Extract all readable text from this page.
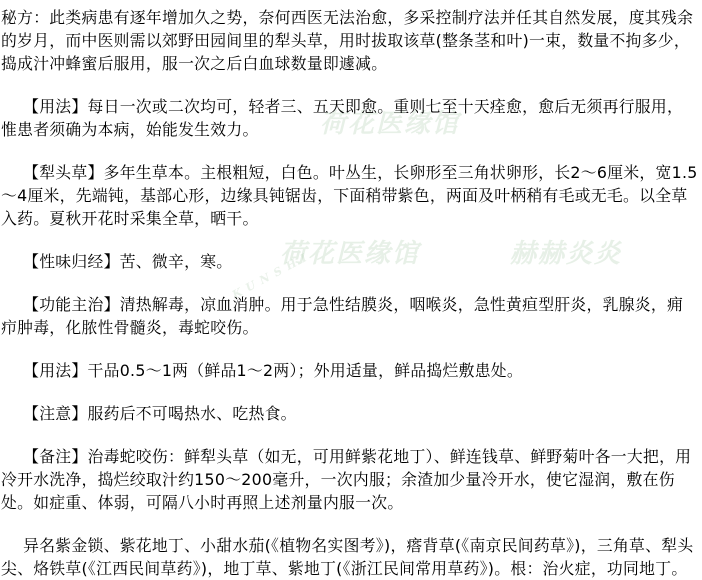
荷花医缘馆
荷花医缘馆	赫赫炎炎
KUNSHI

秘方：此类病患有逐年增加久之势，奈何西医无法治愈，多采控制疗法并任其自然发展，度其残余的岁月，而中医则需以郊野田园间里的犁头草，用时拔取该草(整条茎和叶)一束，数量不拘多少，捣成汁冲蜂蜜后服用，服一次之后白血球数量即遽减。

【用法】每日一次或二次均可，轻者三、五天即愈。重则七至十天痊愈，愈后无须再行服用，惟患者须确为本病，始能发生效力。

【犁头草】多年生草本。主根粗短，白色。叶丛生，长卵形至三角状卵形，长2～6厘米，宽1.5～4厘米，先端钝，基部心形，边缘具钝锯齿，下面稍带紫色，两面及叶柄稍有毛或无毛。以全草入药。夏秋开花时采集全草，晒干。

【性味归经】苦、微辛，寒。

【功能主治】清热解毒，凉血消肿。用于急性结膜炎，咽喉炎，急性黄疸型肝炎，乳腺炎，痈疖肿毒，化脓性骨髓炎，毒蛇咬伤。

【用法】干品0.5～1两（鲜品1～2两）；外用适量，鲜品捣烂敷患处。

【注意】服药后不可喝热水、吃热食。

【备注】治毒蛇咬伤：鲜犁头草（如无，可用鲜紫花地丁）、鲜连钱草、鲜野菊叶各一大把，用冷开水洗净，捣烂绞取汁约150～200毫升，一次内服；余渣加少量冷开水，使它湿润，敷在伤处。如症重、体弱，可隔八小时再照上述剂量内服一次。

异名紫金锁、紫花地丁、小甜水茄(《植物名实图考》)，瘩背草(《南京民间药草》)，三角草、犁头尖、烙铁草(《江西民间草药》)，地丁草、紫地丁(《浙江民间常用草药》)。根：治火症，功同地丁。
